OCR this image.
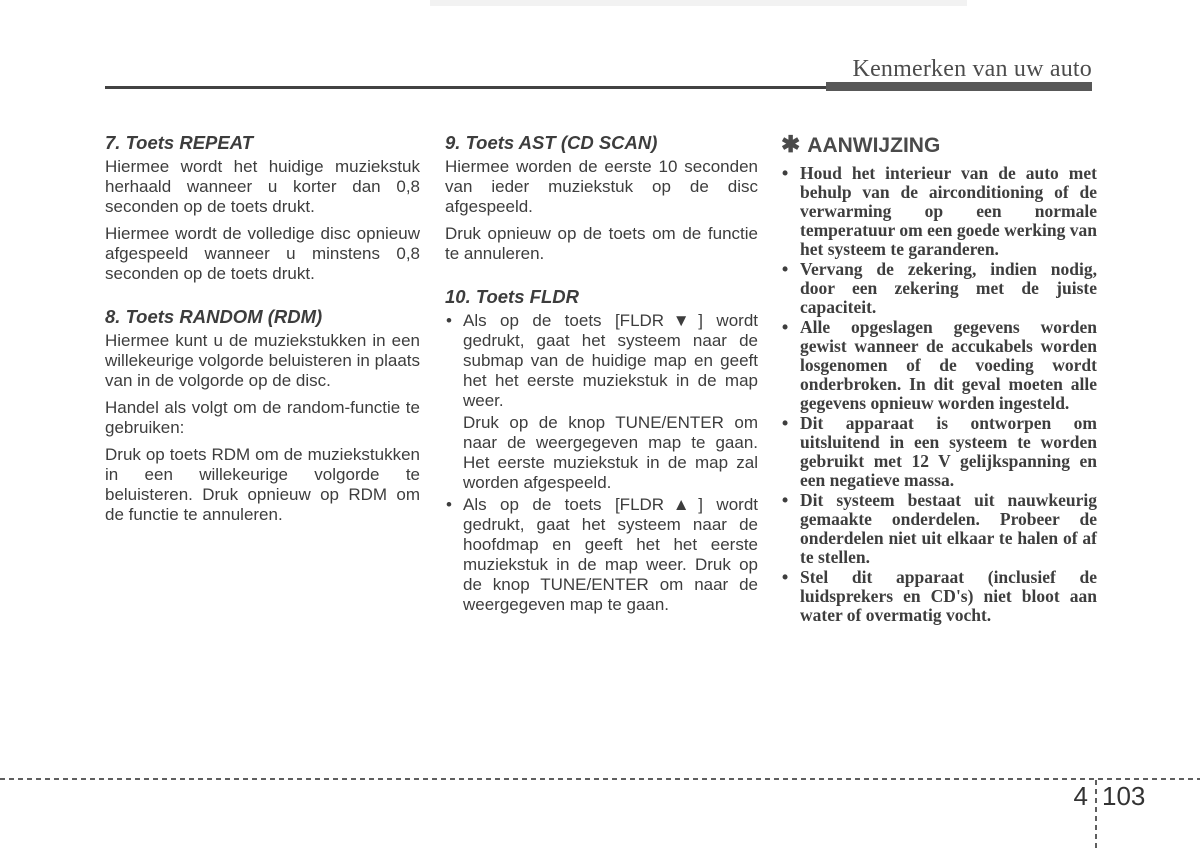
Kenmerken van uw auto
7. Toets REPEAT
Hiermee wordt het huidige muziekstuk herhaald wanneer u korter dan 0,8 seconden op de toets drukt.
Hiermee wordt de volledige disc opnieuw afgespeeld wanneer u minstens 0,8 seconden op de toets drukt.
8. Toets RANDOM (RDM)
Hiermee kunt u de muziekstukken in een willekeurige volgorde beluisteren in plaats van in de volgorde op de disc.
Handel als volgt om de random-functie te gebruiken:
Druk op toets RDM om de muziekstukken in een willekeurige volgorde te beluisteren. Druk opnieuw op RDM om de functie te annuleren.
9. Toets AST (CD SCAN)
Hiermee worden de eerste 10 seconden van ieder muziekstuk op de disc afgespeeld.
Druk opnieuw op de toets om de functie te annuleren.
10. Toets FLDR
• Als op de toets [FLDR▼] wordt gedrukt, gaat het systeem naar de submap van de huidige map en geeft het het eerste muziekstuk in de map weer.
Druk op de knop TUNE/ENTER om naar de weergegeven map te gaan. Het eerste muziekstuk in de map zal worden afgespeeld.
• Als op de toets [FLDR▲] wordt gedrukt, gaat het systeem naar de hoofdmap en geeft het het eerste muziekstuk in de map weer. Druk op de knop TUNE/ENTER om naar de weergegeven map te gaan.
✱ AANWIJZING
• Houd het interieur van de auto met behulp van de airconditioning of de verwarming op een normale temperatuur om een goede werking van het systeem te garanderen.
• Vervang de zekering, indien nodig, door een zekering met de juiste capaciteit.
• Alle opgeslagen gegevens worden gewist wanneer de accukabels worden losgenomen of de voeding wordt onderbroken. In dit geval moeten alle gegevens opnieuw worden ingesteld.
• Dit apparaat is ontworpen om uitsluitend in een systeem te worden gebruikt met 12 V gelijkspanning en een negatieve massa.
• Dit systeem bestaat uit nauwkeurig gemaakte onderdelen. Probeer de onderdelen niet uit elkaar te halen of af te stellen.
• Stel dit apparaat (inclusief de luidsprekers en CD's) niet bloot aan water of overmatig vocht.
4 103
